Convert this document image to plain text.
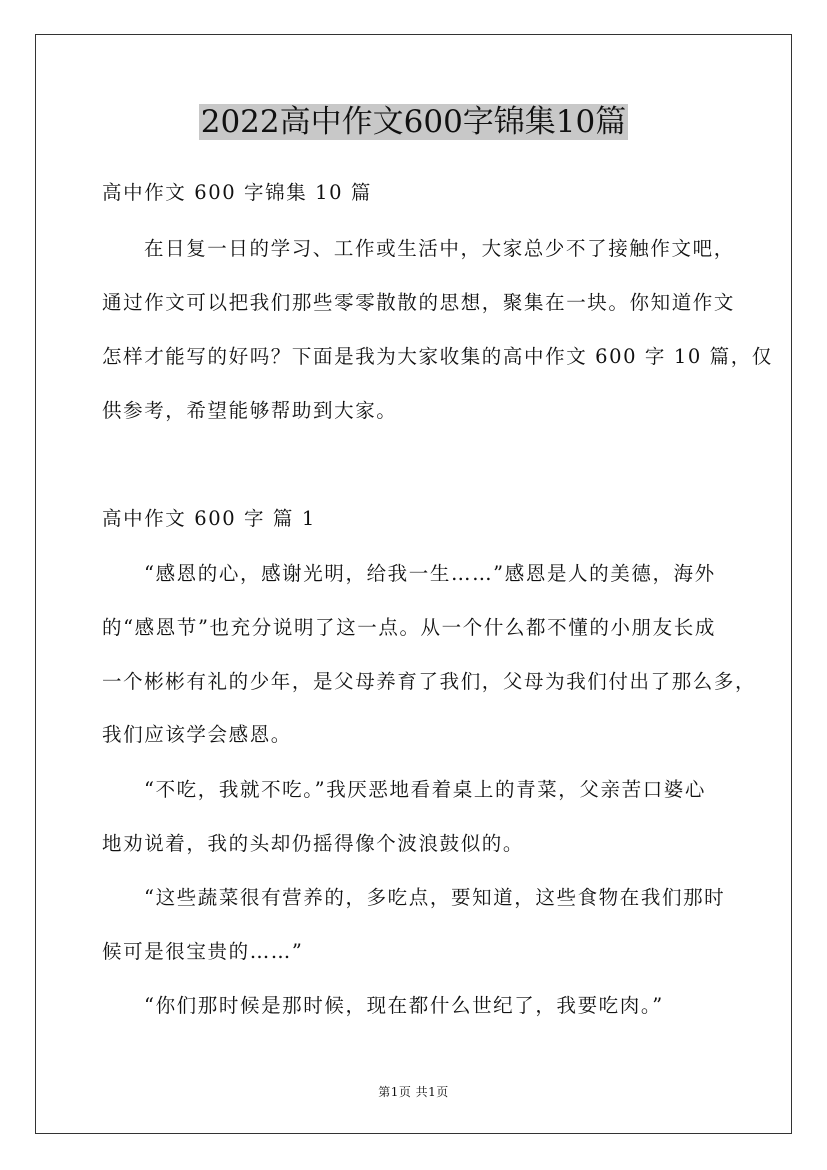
2022高中作文600字锦集10篇
高中作文 600 字锦集 10 篇
在日复一日的学习、工作或生活中，大家总少不了接触作文吧，
通过作文可以把我们那些零零散散的思想，聚集在一块。你知道作文
怎样才能写的好吗？下面是我为大家收集的高中作文 600 字 10 篇，仅
供参考，希望能够帮助到大家。
高中作文 600 字 篇 1
“感恩的心，感谢光明，给我一生……”感恩是人的美德，海外
的“感恩节”也充分说明了这一点。从一个什么都不懂的小朋友长成
一个彬彬有礼的少年，是父母养育了我们，父母为我们付出了那么多，
我们应该学会感恩。
“不吃，我就不吃。”我厌恶地看着桌上的青菜，父亲苦口婆心
地劝说着，我的头却仍摇得像个波浪鼓似的。
“这些蔬菜很有营养的，多吃点，要知道，这些食物在我们那时
候可是很宝贵的……”
“你们那时候是那时候，现在都什么世纪了，我要吃肉。”
第1页 共1页
